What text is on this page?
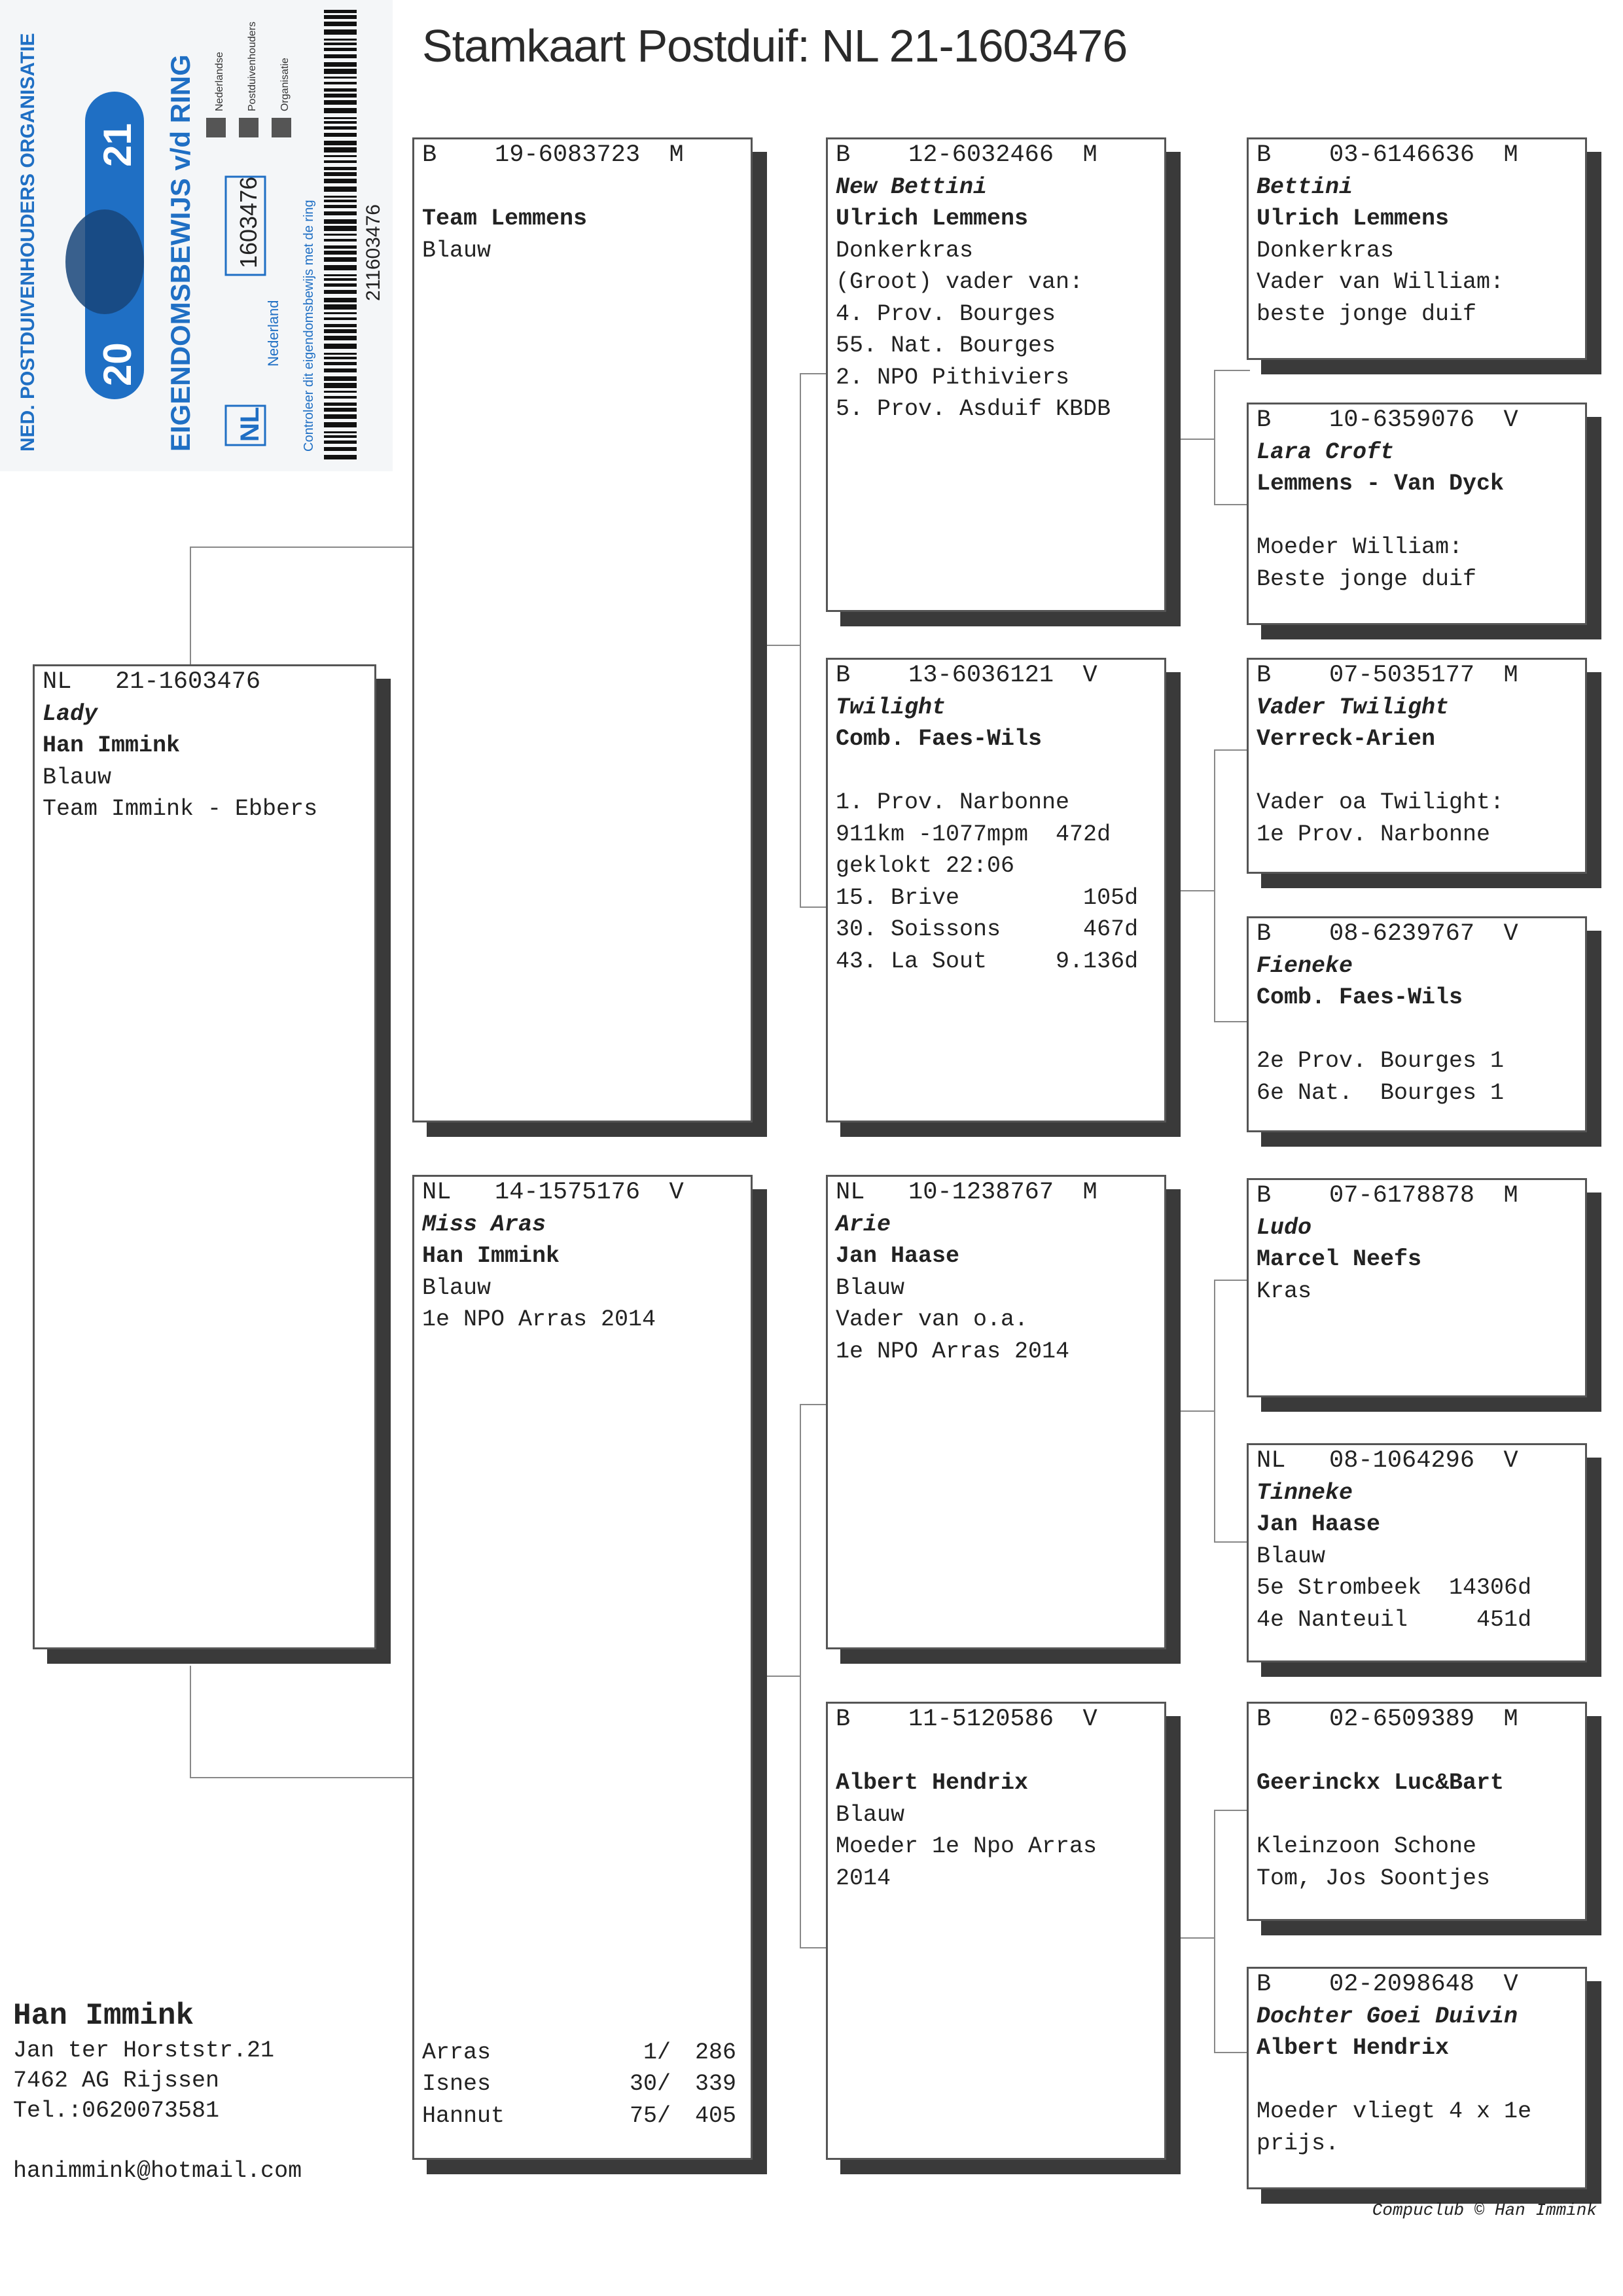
NED. POSTDUIVENHOUDERS ORGANISATIE 20
21 EIGENDOMSBEWIJS v/d RING NL
1603476
Nederland Controleer dit eigendomsbewijs met de ring
Nederlandse Postduivenhouders Organisatie
211603476
Stamkaart Postduif: NL 21-1603476
NL   21-1603476
Lady
Han Immink
Blauw
Team Immink - Ebbers
B    19-6083723  M
Team Lemmens
Blauw
NL   14-1575176  V
Miss Aras
Han Immink
Blauw
1e NPO Arras 2014
Arras	1/	286
Isnes	30/	339
Hannut	75/	405
B    12-6032466  M
New Bettini
Ulrich Lemmens
Donkerkras
(Groot) vader van:
4. Prov. Bourges
55. Nat. Bourges
2. NPO Pithiviers
5. Prov. Asduif KBDB
B    13-6036121  V
Twilight
Comb. Faes-Wils
1. Prov. Narbonne
911km -1077mpm  472d
geklokt 22:06
15. Brive         105d
30. Soissons      467d
43. La Sout     9.136d
NL   10-1238767  M
Arie
Jan Haase
Blauw
Vader van o.a.
1e NPO Arras 2014
B    11-5120586  V
Albert Hendrix
Blauw
Moeder 1e Npo Arras
2014
B    03-6146636  M
Bettini
Ulrich Lemmens
Donkerkras
Vader van William:
beste jonge duif
B    10-6359076  V
Lara Croft
Lemmens - Van Dyck
Moeder William:
Beste jonge duif
B    07-5035177  M
Vader Twilight
Verreck-Arien
Vader oa Twilight:
1e Prov. Narbonne
B    08-6239767  V
Fieneke
Comb. Faes-Wils
2e Prov. Bourges 1
6e Nat.  Bourges 1
B    07-6178878  M
Ludo
Marcel Neefs
Kras
NL   08-1064296  V
Tinneke
Jan Haase
Blauw
5e Strombeek  14306d
4e Nanteuil     451d
B    02-6509389  M
Geerinckx Luc&Bart
Kleinzoon Schone
Tom, Jos Soontjes
B    02-2098648  V
Dochter Goei Duivin
Albert Hendrix
Moeder vliegt 4 x 1e
prijs.
Han Immink
Jan ter Horststr.21
7462 AG Rijssen
Tel.:0620073581
hanimmink@hotmail.com
Compuclub © Han Immink
